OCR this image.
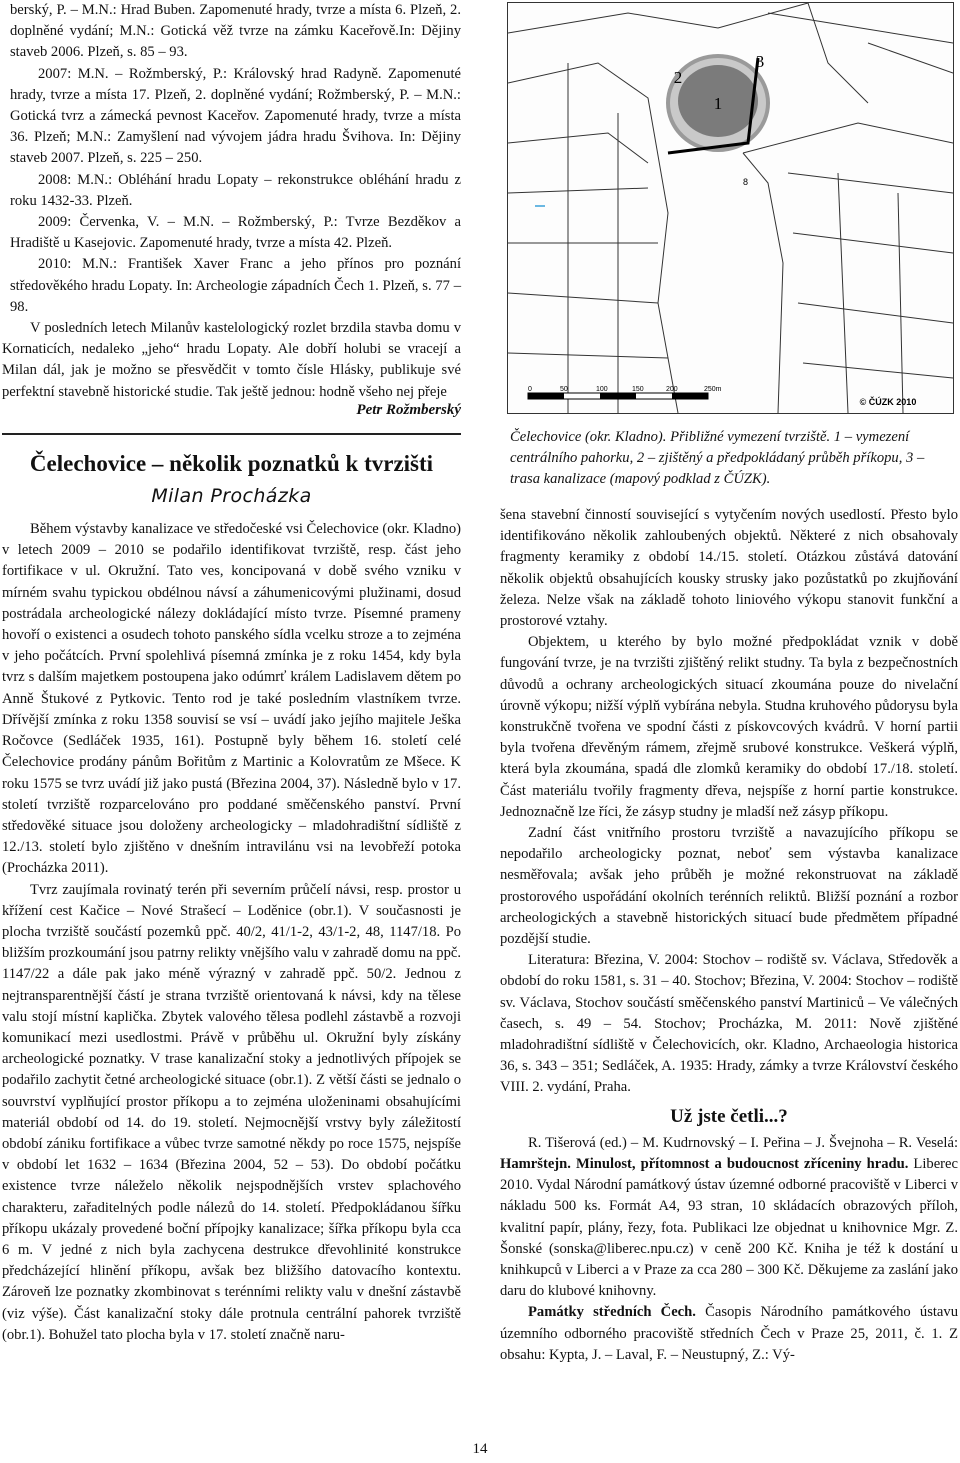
berský, P. – M.N.: Hrad Buben. Zapomenuté hrady, tvrze a místa 6. Plzeň, 2. doplněné vydání; M.N.: Gotická věž tvrze na zámku Kaceřově.In: Dějiny staveb 2006. Plzeň, s. 85 – 93.

2007: M.N. – Rožmberský, P.: Královský hrad Radyně. Zapomenuté hrady, tvrze a místa 17. Plzeň, 2. doplněné vydání; Rožmberský, P. – M.N.: Gotická tvrz a zámecká pevnost Kaceřov. Zapomenuté hrady, tvrze a místa 36. Plzeň; M.N.: Zamyšlení nad vývojem jádra hradu Švihova. In: Dějiny staveb 2007. Plzeň, s. 225 – 250.

2008: M.N.: Obléhání hradu Lopaty – rekonstrukce obléhání hradu z roku 1432-33. Plzeň.

2009: Červenka, V. – M.N. – Rožmberský, P.: Tvrze Bezděkov a Hradiště u Kasejovic. Zapomenuté hrady, tvrze a místa 42. Plzeň.

2010: M.N.: František Xaver Franc a jeho přínos pro poznání středověkého hradu Lopaty. In: Archeologie západních Čech 1. Plzeň, s. 77 – 98.

V posledních letech Milanův kastelologický rozlet brzdila stavba domu v Kornaticích, nedaleko „jeho“ hradu Lopaty. Ale dobří holubi se vracejí a Milan dál, jak je možno se přesvědčit v tomto čísle Hlásky, publikuje své perfektní stavebně historické studie. Tak ještě jednou: hodně všeho nej přeje

Petr Rožmberský

Čelechovice – několik poznatků k tvrzišti

Milan Procházka

Během výstavby kanalizace ve středočeské vsi Čelechovice (okr. Kladno) v letech 2009 – 2010 se podařilo identifikovat tvrziště, resp. část jeho fortifikace v ul. Okružní. Tato ves, koncipovaná v době svého vzniku v mírném svahu typickou obdélnou návsí a záhumenicovými plužinami, dosud postrádala archeologické nálezy dokládající místo tvrze. Písemné prameny hovoří o existenci a osudech tohoto panského sídla vcelku stroze a to zejména v jeho počátcích. První spolehlivá písemná zmínka je z roku 1454, kdy byla tvrz s dalším majetkem postoupena jako odúmrť králem Ladislavem dětem po Anně Štukové z Pytkovic. Tento rod je také posledním vlastníkem tvrze. Dřívější zmínka z roku 1358 souvisí se vsí – uvádí jako jejího majitele Ješka Ročovce (Sedláček 1935, 161). Postupně byly během 16. století celé Čelechovice prodány pánům Bořitům z Martinic a Kolovratům ze Mšece. K roku 1575 se tvrz uvádí již jako pustá (Březina 2004, 37). Následně bylo v 17. století tvrziště rozparcelováno pro poddané směčenského panství. První středověké situace jsou doloženy archeologicky – mladohradištní sídliště z 12./13. století bylo zjištěno v dnešním intravilánu vsi na levobřeží potoka (Procházka 2011).

Tvrz zaujímala rovinatý terén při severním průčelí návsi, resp. prostor u křížení cest Kačice – Nové Strašecí – Loděnice (obr.1). V současnosti je plocha tvrziště součástí pozemků ppč. 40/2, 41/1-2, 43/1-2, 48, 1147/18. Po bližším prozkoumání jsou patrny relikty vnějšího valu v zahradě domu na ppč. 1147/22 a dále pak jako méně výrazný v zahradě ppč. 50/2. Jednou z nejtransparentnější částí je strana tvrziště orientovaná k návsi, kdy na tělese valu stojí místní kaplička. Zbytek valového tělesa podlehl zástavbě a rozvoji komunikací mezi usedlostmi. Právě v průběhu ul. Okružní byly získány archeologické poznatky. V trase kanalizační stoky a jednotlivých přípojek se podařilo zachytit četné archeologické situace (obr.1). Z větší části se jednalo o souvrství vyplňující prostor příkopu a to zejména uloženinami obsahujícími materiál období od 14. do 19. století. Nejmocnější vrstvy byly záležitostí období zániku fortifikace a vůbec tvrze samotné někdy po roce 1575, nejspíše v období let 1632 – 1634 (Březina 2004, 52 – 53). Do období počátku existence tvrze náleželo několik nejspodnějších vrstev splachového charakteru, zařaditelných podle nálezů do 14. století. Předpokládanou šířku příkopu ukázaly provedené boční přípojky kanalizace; šířka příkopu byla cca 6 m. V jedné z nich byla zachycena destrukce dřevohlinité konstrukce předcházející hlinění příkopu, avšak bez bližšího datovacího kontextu. Zároveň lze poznatky zkombinovat s terénními relikty valu v dnešní zástavbě (viz výše). Část kanalizační stoky dále protnula centrální pahorek tvrziště (obr.1). Bohužel tato plocha byla v 17. století značně naru-

1
2
3
8
0	50	100	150	200	250m
© ČÚZK 2010

Čelechovice (okr. Kladno). Přibližné vymezení tvrziště. 1 – vymezení centrálního pahorku, 2 – zjištěný a předpokládaný průběh příkopu, 3 – trasa kanalizace (mapový podklad z ČÚZK).

šena stavební činností související s vytyčením nových usedlostí. Přesto bylo identifikováno několik zahloubených objektů. Některé z nich obsahovaly fragmenty keramiky z období 14./15. století. Otázkou zůstává datování několik objektů obsahujících kousky strusky jako pozůstatků po zkujňování železa. Nelze však na základě tohoto liniového výkopu stanovit funkční a prostorové vztahy.

Objektem, u kterého by bylo možné předpokládat vznik v době fungování tvrze, je na tvrzišti zjištěný relikt studny. Ta byla z bezpečnostních důvodů a ochrany archeologických situací zkoumána pouze do nivelační úrovně výkopu; nižší výplň vybírána nebyla. Studna kruhového půdorysu byla konstrukčně tvořena ve spodní části z pískovcových kvádrů. V horní partii byla tvořena dřevěným rámem, zřejmě srubové konstrukce. Veškerá výplň, která byla zkoumána, spadá dle zlomků keramiky do období 17./18. století. Část materiálu tvořily fragmenty dřeva, nejspíše z horní partie konstrukce. Jednoznačně lze říci, že zásyp studny je mladší než zásyp příkopu.

Zadní část vnitřního prostoru tvrziště a navazujícího příkopu se nepodařilo archeologicky poznat, neboť sem výstavba kanalizace nesměřovala; avšak jeho průběh je možné rekonstruovat na základě prostorového uspořádání okolních terénních reliktů. Bližší poznání a rozbor archeologických a stavebně historických situací bude předmětem případné pozdější studie.

Literatura: Březina, V. 2004: Stochov – rodiště sv. Václava, Středověk a období do roku 1581, s. 31 – 40. Stochov; Březina, V. 2004: Stochov – rodiště sv. Václava, Stochov součástí směčenského panství Martiniců – Ve válečných časech, s. 49 – 54. Stochov; Procházka, M. 2011: Nově zjištěné mladohradištní sídliště v Čelechovicích, okr. Kladno, Archaeologia historica 36, s. 343 – 351; Sedláček, A. 1935: Hrady, zámky a tvrze Království českého VIII. 2. vydání, Praha.

Už jste četli...?

R. Tišerová (ed.) – M. Kudrnovský – I. Peřina – J. Švejnoha – R. Veselá: Hamrštejn. Minulost, přítomnost a budoucnost zříceniny hradu. Liberec 2010. Vydal Národní památkový ústav územné odborné pracoviště v Liberci v nákladu 500 ks. Formát A4, 93 stran, 10 skládacích obrazových příloh, kvalitní papír, plány, řezy, fota. Publikaci lze objednat u knihovnice Mgr. Z. Šonské (sonska@liberec.npu.cz) v ceně 200 Kč. Kniha je též k dostání u knihkupců v Liberci a v Praze za cca 280 – 300 Kč. Děkujeme za zaslání jako daru do klubové knihovny.

Památky středních Čech. Časopis Národního památkového ústavu územního odborného pracoviště středních Čech v Praze 25, 2011, č. 1. Z obsahu: Kypta, J. – Laval, F. – Neustupný, Z.: Vý-

14
